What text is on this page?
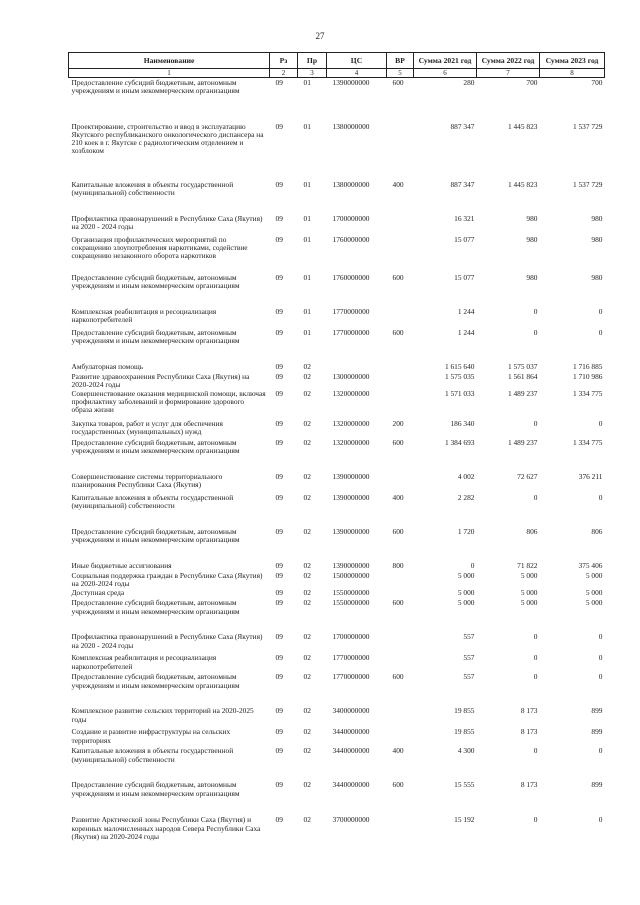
27
Наименование	Рз	Пр	ЦС	ВР	Сумма 2021 год	Сумма 2022 год	Сумма 2023 год
1	2	3	4	5	6	7	8
Предоставление субсидий бюджетным, автономным учреждениям и иным некоммерческим организациям	09	01	1390000000	600	280	700	700
Проектирование, строительство и ввод в эксплуатацию Якутского республиканского онкологического диспансера на 210 коек в г. Якутске с радиологическим отделением и хозблоком	09	01	1380000000		887 347	1 445 823	1 537 729
Капитальные вложения в объекты государственной (муниципальной) собственности	09	01	1380000000	400	887 347	1 445 823	1 537 729
Профилактика правонарушений в Республике Саха (Якутия) на 2020 - 2024 годы	09	01	1700000000		16 321	980	980
Организация профилактических мероприятий по сокращению злоупотребления наркотиками, содействие сокращению незаконного оборота наркотиков	09	01	1760000000		15 077	980	980
Предоставление субсидий бюджетным, автономным учреждениям и иным некоммерческим организациям	09	01	1760000000	600	15 077	980	980
Комплексная реабилитация и ресоциализация наркопотребителей	09	01	1770000000		1 244	0	0
Предоставление субсидий бюджетным, автономным учреждениям и иным некоммерческим организациям	09	01	1770000000	600	1 244	0	0
Амбулаторная помощь	09	02			1 615 640	1 575 037	1 716 885
Развитие здравоохранения Республики Саха (Якутия) на 2020-2024 годы	09	02	1300000000		1 575 035	1 561 864	1 710 986
Совершенствование оказания медицинской помощи, включая профилактику заболеваний и формирование здорового образа жизни	09	02	1320000000		1 571 033	1 489 237	1 334 775
Закупка товаров, работ и услуг для обеспечения государственных (муниципальных) нужд	09	02	1320000000	200	186 340	0	0
Предоставление субсидий бюджетным, автономным учреждениям и иным некоммерческим организациям	09	02	1320000000	600	1 384 693	1 489 237	1 334 775
Совершенствование системы территориального планирования Республики Саха (Якутия)	09	02	1390000000		4 002	72 627	376 211
Капитальные вложения в объекты государственной (муниципальной) собственности	09	02	1390000000	400	2 282	0	0
Предоставление субсидий бюджетным, автономным учреждениям и иным некоммерческим организациям	09	02	1390000000	600	1 720	806	806
Иные бюджетные ассигнования	09	02	1390000000	800	0	71 822	375 406
Социальная поддержка граждан в Республике Саха (Якутия) на 2020-2024 годы	09	02	1500000000		5 000	5 000	5 000
Доступная среда	09	02	1550000000		5 000	5 000	5 000
Предоставление субсидий бюджетным, автономным учреждениям и иным некоммерческим организациям	09	02	1550000000	600	5 000	5 000	5 000
Профилактика правонарушений в Республике Саха (Якутия) на 2020 - 2024 годы	09	02	1700000000		557	0	0
Комплексная реабилитация и ресоциализация наркопотребителей	09	02	1770000000		557	0	0
Предоставление субсидий бюджетным, автономным учреждениям и иным некоммерческим организациям	09	02	1770000000	600	557	0	0
Комплексное развитие сельских территорий на 2020-2025 годы	09	02	3400000000		19 855	8 173	899
Создание и развитие инфраструктуры на сельских территориях	09	02	3440000000		19 855	8 173	899
Капитальные вложения в объекты государственной (муниципальной) собственности	09	02	3440000000	400	4 300	0	0
Предоставление субсидий бюджетным, автономным учреждениям и иным некоммерческим организациям	09	02	3440000000	600	15 555	8 173	899
Развитие Арктической зоны Республики Саха (Якутия) и коренных малочисленных народов Севера Республики Саха (Якутия) на 2020-2024 годы	09	02	3700000000		15 192	0	0
